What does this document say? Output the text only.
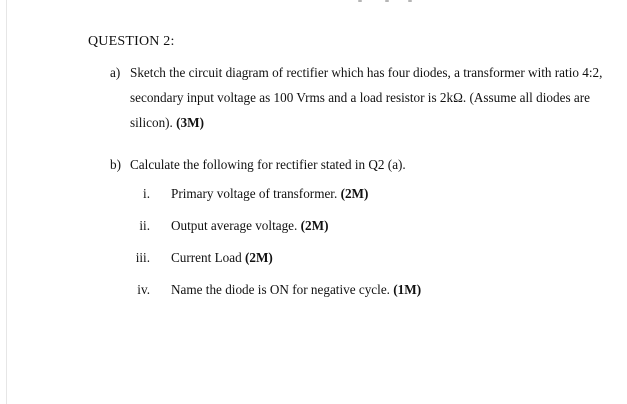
QUESTION 2:
a) Sketch the circuit diagram of rectifier which has four diodes, a transformer with ratio 4:2,
secondary input voltage as 100 Vrms and a load resistor is 2kΩ. (Assume all diodes are
silicon). (3M)
b) Calculate the following for rectifier stated in Q2 (a).
i. Primary voltage of transformer. (2M)
ii. Output average voltage. (2M)
iii. Current Load (2M)
iv. Name the diode is ON for negative cycle. (1M)
